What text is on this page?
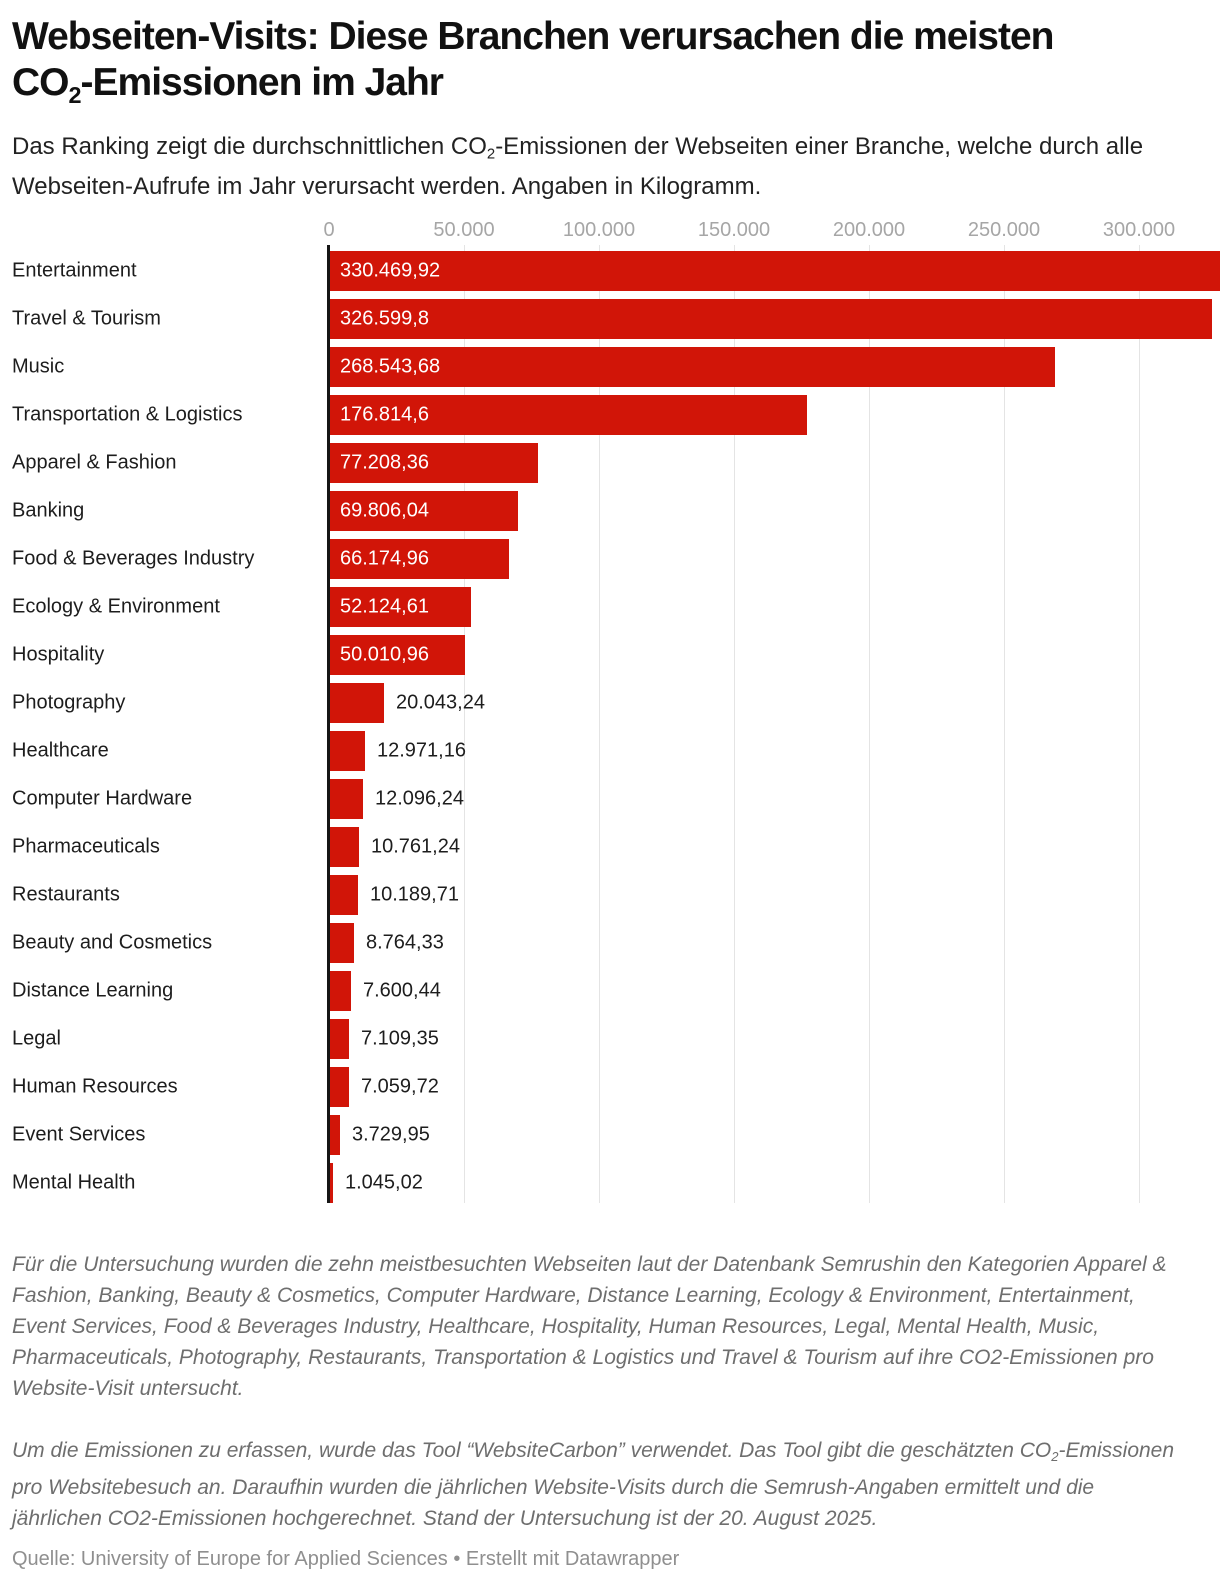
Webseiten-Visits: Diese Branchen verursachen die meisten
$CO_2$-Emissionen im Jahr

Das Ranking zeigt die durchschnittlichen CO2-Emissionen der Webseiten einer Branche, welche durch alle Webseiten-Aufrufe im Jahr verursacht werden. Angaben in Kilogramm.

0	50.000	100.000	150.000	200.000	250.000	300.000
Entertainment	330.469,92
Travel & Tourism	326.599,8
Music	268.543,68
Transportation & Logistics	176.814,6
Apparel & Fashion	77.208,36
Banking	69.806,04
Food & Beverages Industry	66.174,96
Ecology & Environment	52.124,61
Hospitality	50.010,96
Photography	20.043,24
Healthcare	12.971,16
Computer Hardware	12.096,24
Pharmaceuticals	10.761,24
Restaurants	10.189,71
Beauty and Cosmetics	8.764,33
Distance Learning	7.600,44
Legal	7.109,35
Human Resources	7.059,72
Event Services	3.729,95
Mental Health	1.045,02

Für die Untersuchung wurden die zehn meistbesuchten Webseiten laut der Datenbank Semrushin den Kategorien Apparel & Fashion, Banking, Beauty & Cosmetics, Computer Hardware, Distance Learning, Ecology & Environment, Entertainment, Event Services, Food & Beverages Industry, Healthcare, Hospitality, Human Resources, Legal, Mental Health, Music, Pharmaceuticals, Photography, Restaurants, Transportation & Logistics und Travel & Tourism auf ihre CO2-Emissionen pro Website-Visit untersucht.

Um die Emissionen zu erfassen, wurde das Tool “WebsiteCarbon” verwendet. Das Tool gibt die geschätzten CO2-Emissionen pro Websitebesuch an. Daraufhin wurden die jährlichen Website-Visits durch die Semrush-Angaben ermittelt und die jährlichen CO2-Emissionen hochgerechnet. Stand der Untersuchung ist der 20. August 2025.

Quelle: University of Europe for Applied Sciences • Erstellt mit Datawrapper
